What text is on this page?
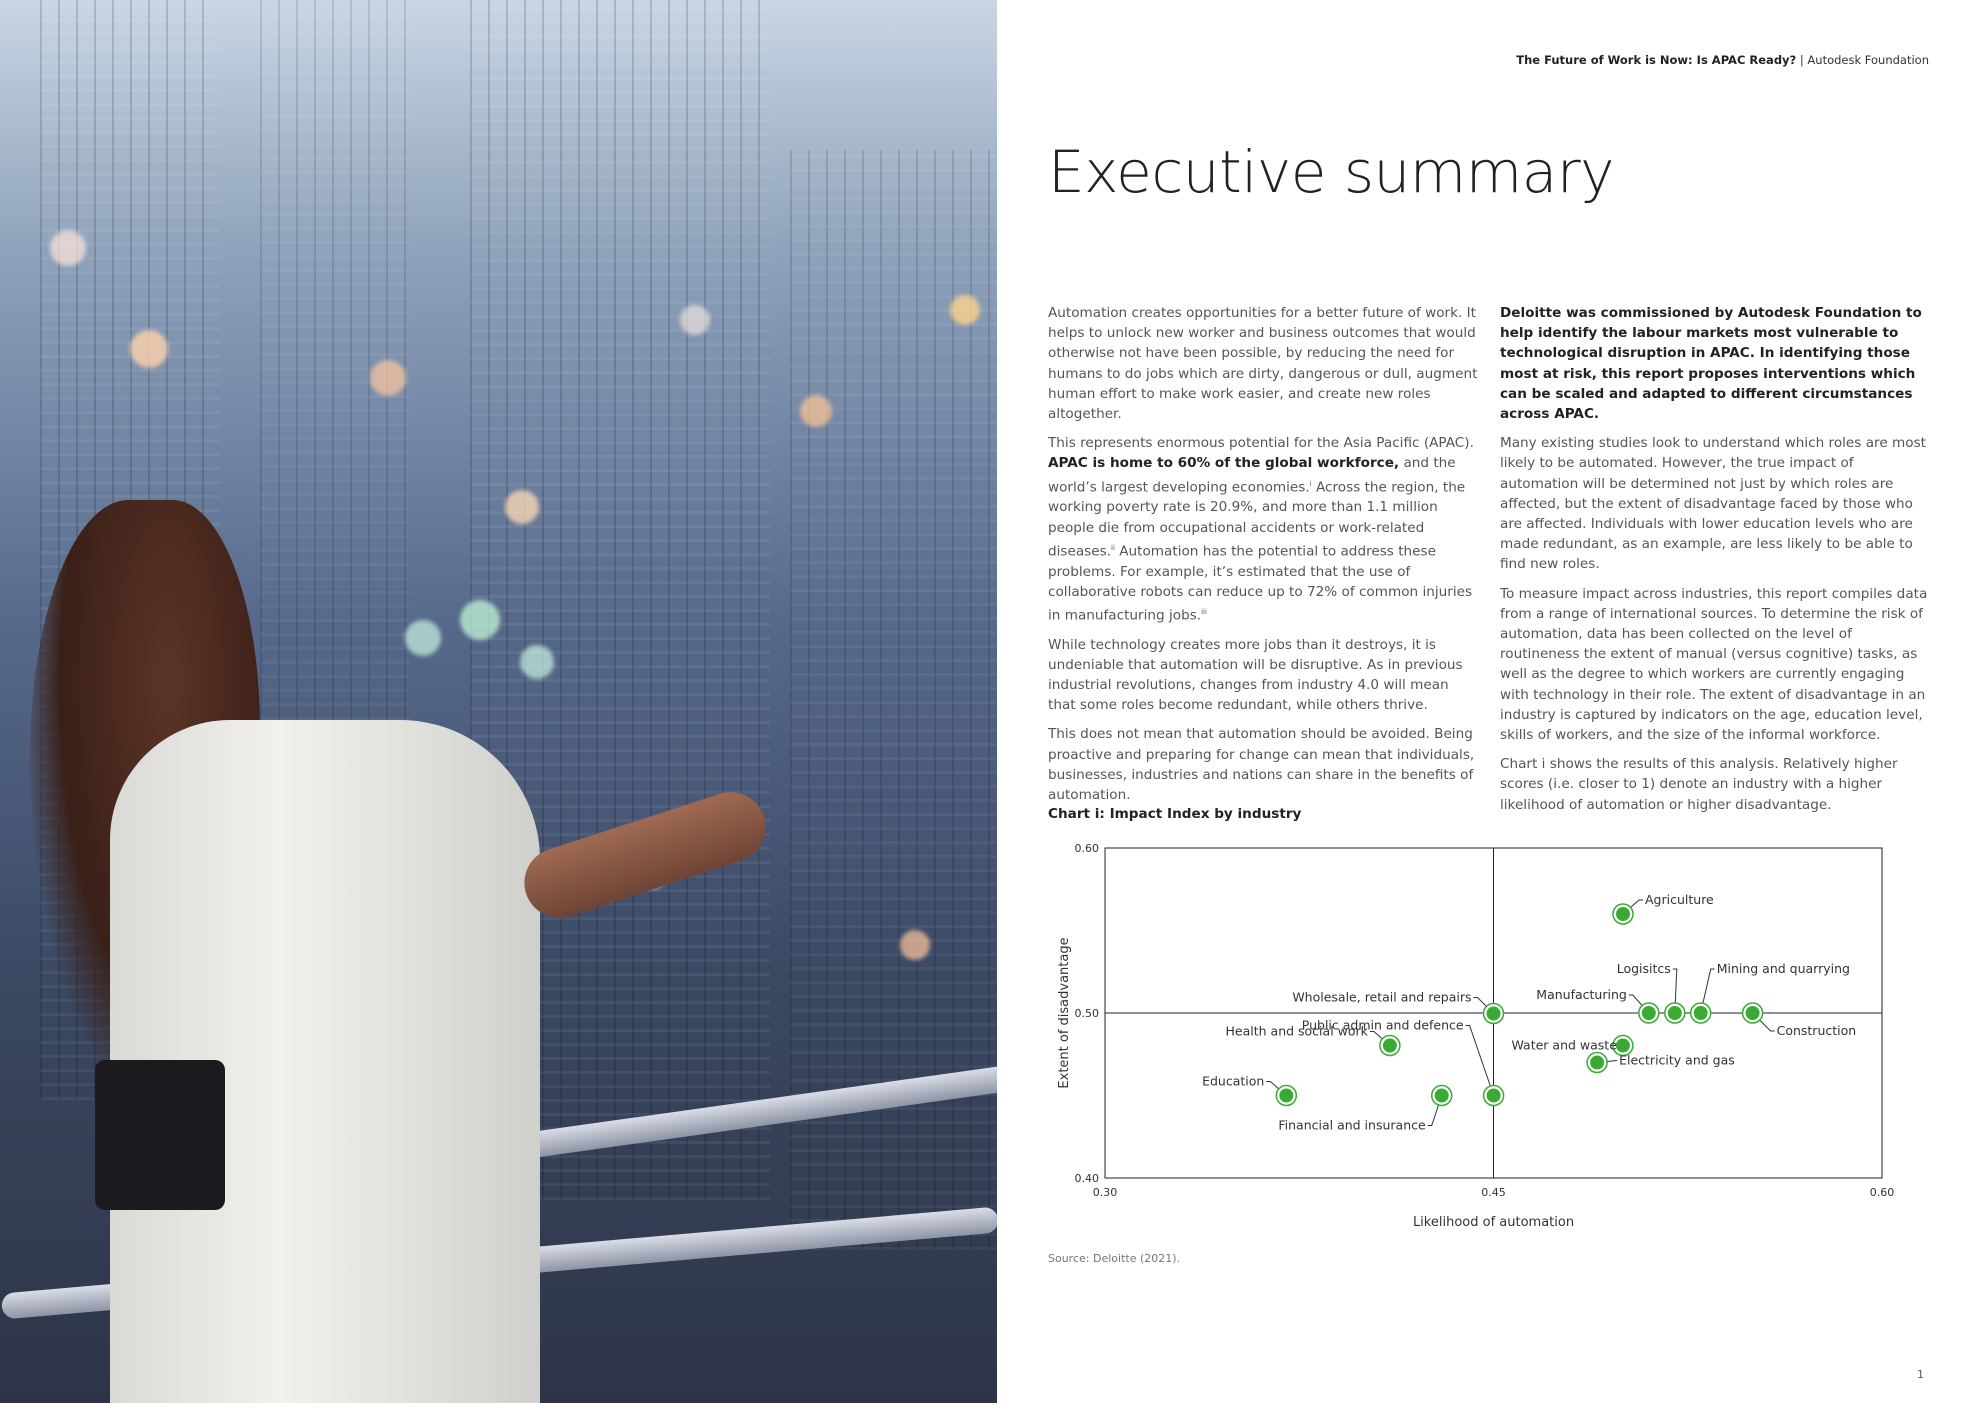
The Future of Work is Now: Is APAC Ready? | Autodesk Foundation
Executive summary

Automation creates opportunities for a better future of work. It helps to unlock new worker and business outcomes that would otherwise not have been possible, by reducing the need for humans to do jobs which are dirty, dangerous or dull, augment human effort to make work easier, and create new roles altogether.

This represents enormous potential for the Asia Pacific (APAC).
APAC is home to 60% of the global workforce, and the world’s largest developing economies.$^i$ Across the region, the working poverty rate is 20.9%, and more than 1.1 million people die from occupational accidents or work-related diseases.$^{ii}$ Automation has the potential to address these problems. For example, it’s estimated that the use of collaborative robots can reduce up to 72% of common injuries in manufacturing jobs.$^{iii}$

While technology creates more jobs than it destroys, it is undeniable that automation will be disruptive. As in previous industrial revolutions, changes from industry 4.0 will mean that some roles become redundant, while others thrive.

This does not mean that automation should be avoided. Being proactive and preparing for change can mean that individuals, businesses, industries and nations can share in the benefits of automation.

Deloitte was commissioned by Autodesk Foundation to help identify the labour markets most vulnerable to technological disruption in APAC. In identifying those most at risk, this report proposes interventions which can be scaled and adapted to different circumstances across APAC.

Many existing studies look to understand which roles are most likely to be automated. However, the true impact of automation will be determined not just by which roles are affected, but the extent of disadvantage faced by those who are affected. Individuals with lower education levels who are made redundant, as an example, are less likely to be able to find new roles.

To measure impact across industries, this report compiles data from a range of international sources. To determine the risk of automation, data has been collected on the level of routineness the extent of manual (versus cognitive) tasks, as well as the degree to which workers are currently engaging with technology in their role. The extent of disadvantage in an industry is captured by indicators on the age, education level, skills of workers, and the size of the informal workforce.

Chart i shows the results of this analysis. Relatively higher scores (i.e. closer to 1) denote an industry with a higher likelihood of automation or higher disadvantage.

Chart i: Impact Index by industry
0.30	0.45	0.60
0.40
0.50
0.60
Agriculture
Logisitcs	Mining and quarrying
Manufacturing
Construction
Water and waste
Electricity and gas
Wholesale, retail and repairs
Public admin and defence
Health and social work
Education
Financial and insurance
Likelihood of automation
Extent of disadvantage
Source: Deloitte (2021).
1
